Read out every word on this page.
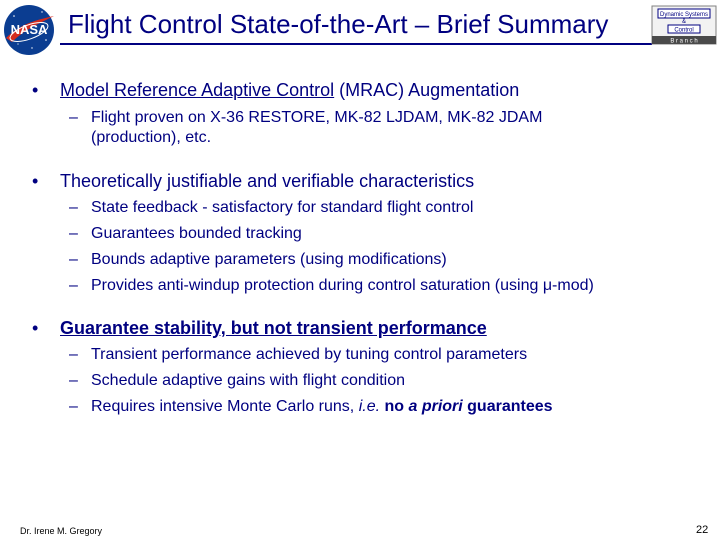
NASA Flight Control State-of-the-Art – Brief Summary	Dynamic Systems
&
Control
B r a n c h
• Model Reference Adaptive Control (MRAC) Augmentation
– Flight proven on X-36 RESTORE, MK-82 LJDAM, MK-82 JDAM
(production), etc.
• Theoretically justifiable and verifiable characteristics
– State feedback - satisfactory for standard flight control
– Guarantees bounded tracking
– Bounds adaptive parameters (using modifications)
– Provides anti-windup protection during control saturation (using μ-mod)
• Guarantee stability, but not transient performance
– Transient performance achieved by tuning control parameters
– Schedule adaptive gains with flight condition
– Requires intensive Monte Carlo runs, i.e. no a priori guarantees
Dr. Irene M. Gregory	22
